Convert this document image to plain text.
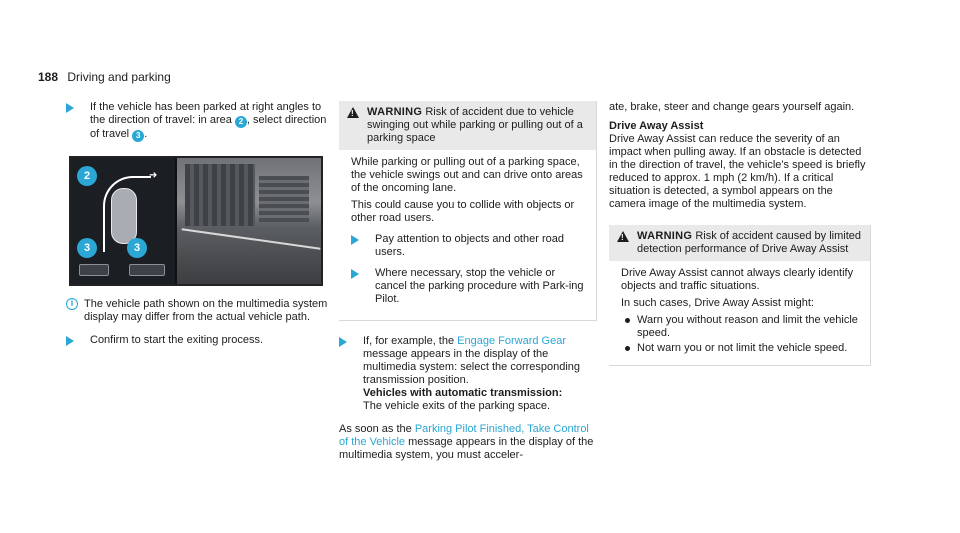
188 Driving and parking
If the vehicle has been parked at right angles to the direction of travel: in area 2 , select direction of travel 3 .
➜
2
3	3
i The vehicle path shown on the multimedia system display may differ from the actual vehicle path.
Confirm to start the exiting process.
!
WARNING Risk of accident due to vehicle swinging out while parking or pulling out of a parking space

While parking or pulling out of a parking space, the vehicle swings out and can drive onto areas of the oncoming lane.

This could cause you to collide with objects or other road users.

Pay attention to objects and other road users.
Where necessary, stop the vehicle or cancel the parking procedure with Park-ing Pilot.
If, for example, the Engage Forward Gear message appears in the display of the multimedia system: select the corresponding transmission position.
Vehicles with automatic transmission:
The vehicle exits of the parking space.

As soon as the Parking Pilot Finished, Take Control of the Vehicle message appears in the display of the multimedia system, you must acceler-

ate, brake, steer and change gears yourself again.

Drive Away Assist

Drive Away Assist can reduce the severity of an impact when pulling away. If an obstacle is detected in the direction of travel, the vehicle's speed is briefly reduced to approx. 1 mph (2 km/h). If a critical situation is detected, a symbol appears on the camera image of the multimedia system.

!
WARNING Risk of accident caused by limited detection performance of Drive Away Assist

Drive Away Assist cannot always clearly identify objects and traffic situations.

In such cases, Drive Away Assist might:

Warn you without reason and limit the vehicle speed.
Not warn you or not limit the vehicle speed.
